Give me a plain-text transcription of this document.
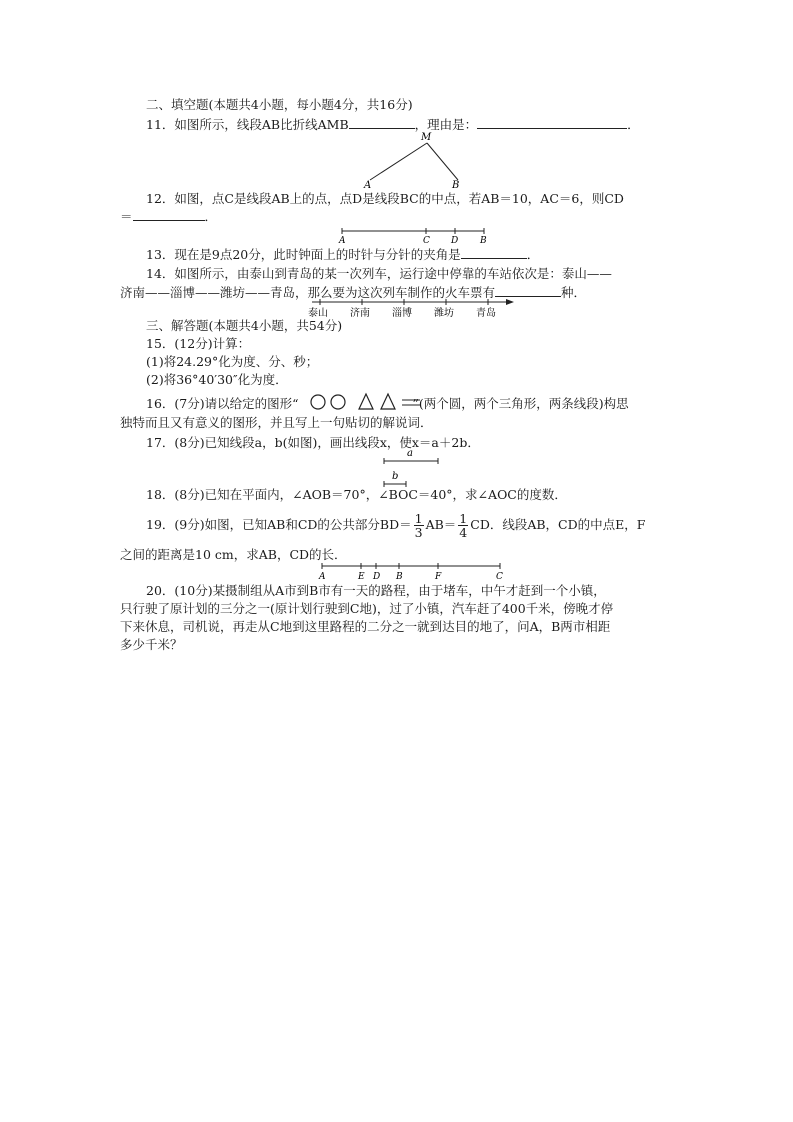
二、填空题(本题共4小题，每小题4分，共16分)
11．如图所示，线段AB比折线AMB	，理由是：	．
M
A	B
12．如图，点C是线段AB上的点，点D是线段BC的中点，若AB＝10，AC＝6，则CD
＝	．
A	C D B
13．现在是9点20分，此时钟面上的时针与分针的夹角是	．
14．如图所示，由泰山到青岛的某一次列车，运行途中停靠的车站依次是：泰山——
济南——淄博——潍坊——青岛，那么要为这次列车制作的火车票有	种．
泰山 济南 淄博 潍坊 青岛
三、解答题(本题共4小题，共54分)
15．(12分)计算：
(1)将24.29°化为度、分、秒；
(2)将36°40′30″化为度．
16．(7分)请以给定的图形“	”(两个圆，两个三角形，两条线段)构思
独特而且又有意义的图形，并且写上一句贴切的解说词．
17．(8分)已知线段a，b(如图)，画出线段x，使x＝a＋2b．
a
b
18．(8分)已知在平面内，∠AOB＝70°，∠BOC＝40°，求∠AOC的度数．
19．(9分)如图，已知AB和CD的公共部分$BD= \frac{1}{3} AB= \frac{1}{4}$ CD．线段AB，CD的中点E，F
之间的距离是10 cm，求AB，CD的长．
A	E D B	F	C
20．(10分)某摄制组从A市到B市有一天的路程，由于堵车，中午才赶到一个小镇，
只行驶了原计划的三分之一(原计划行驶到C地)，过了小镇，汽车赶了400千米，傍晚才停
下来休息，司机说，再走从C地到这里路程的二分之一就到达目的地了，问A，B两市相距
多少千米？
